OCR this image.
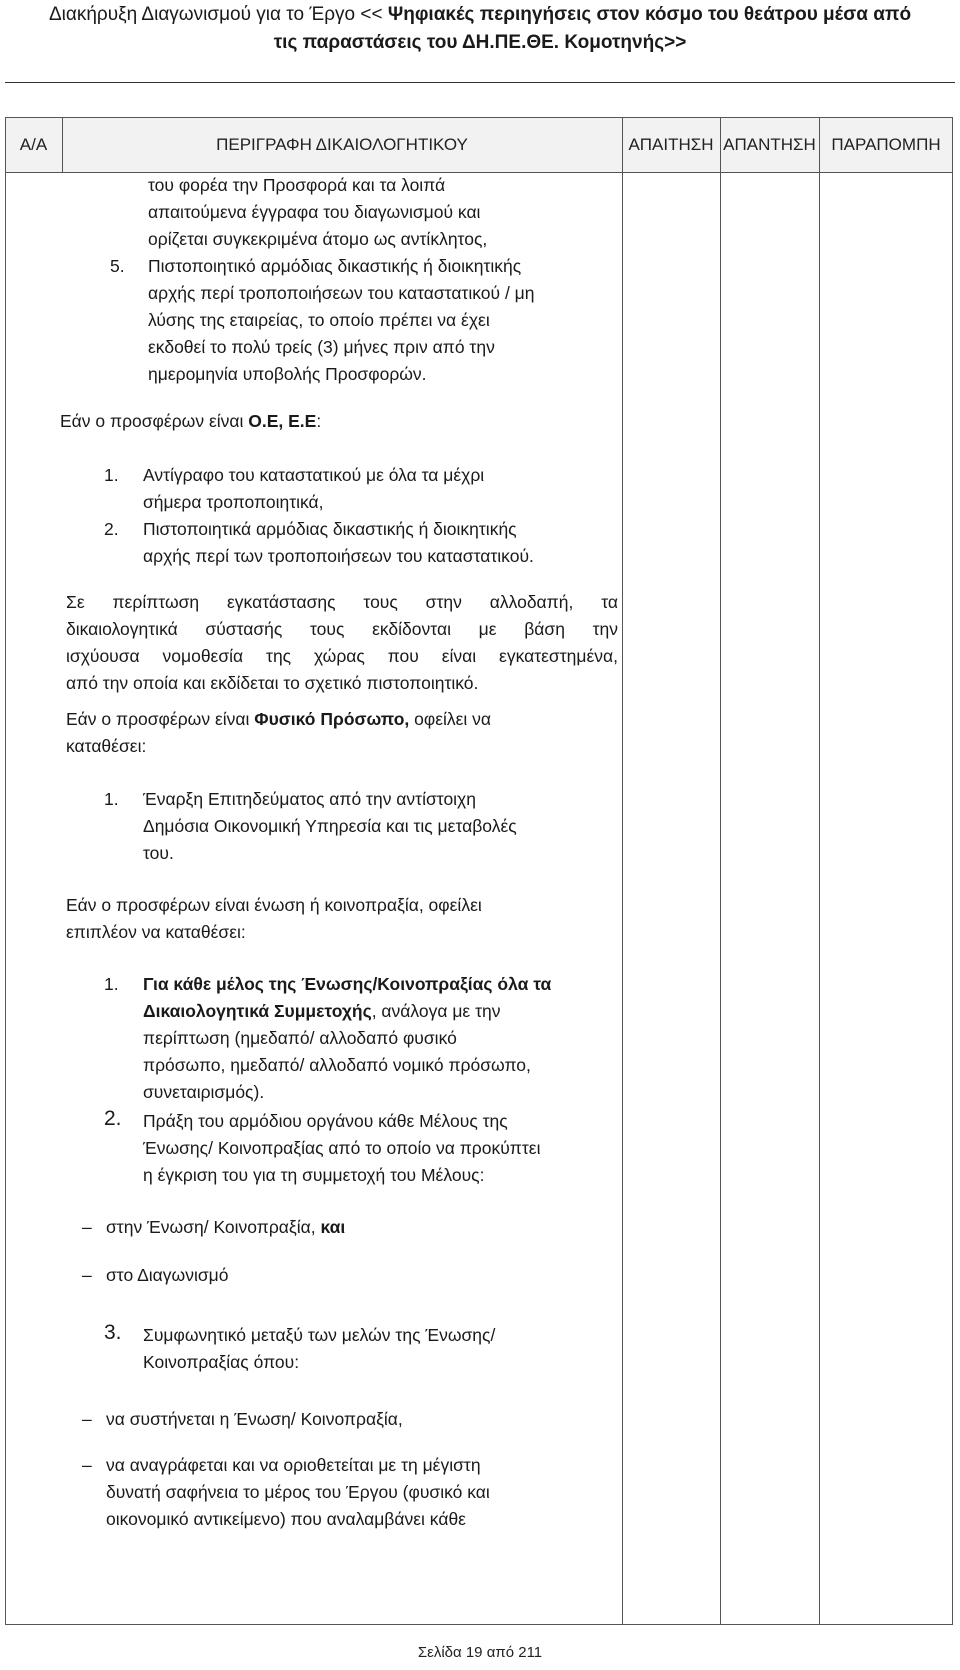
Διακήρυξη Διαγωνισμού για το Έργο << Ψηφιακές περιηγήσεις στον κόσμο του θεάτρου μέσα από
τις παραστάσεις του ΔΗ.ΠΕ.ΘΕ. Κομοτηνής>>
Α/Α	ΠΕΡΙΓΡΑΦΗ ΔΙΚΑΙΟΛΟΓΗΤΙΚΟΥ	ΑΠΑΙΤΗΣΗ ΑΠΑΝΤΗΣΗ ΠΑΡΑΠΟΜΠΗ
του φορέα την Προσφορά και τα λοιπά
απαιτούμενα έγγραφα του διαγωνισμού και
ορίζεται συγκεκριμένα άτομο ως αντίκλητος,
5. Πιστοποιητικό αρμόδιας δικαστικής ή διοικητικής
αρχής περί τροποποιήσεων του καταστατικού / μη
λύσης της εταιρείας, το οποίο πρέπει να έχει
εκδοθεί το πολύ τρείς (3) μήνες πριν από την
ημερομηνία υποβολής Προσφορών.
Εάν ο προσφέρων είναι Ο.Ε, Ε.Ε:
1. Αντίγραφο του καταστατικού με όλα τα μέχρι
σήμερα τροποποιητικά,
2. Πιστοποιητικά αρμόδιας δικαστικής ή διοικητικής
αρχής περί των τροποποιήσεων του καταστατικού.
Σε περίπτωση εγκατάστασης τους στην αλλοδαπή, τα
δικαιολογητικά σύστασής τους εκδίδονται με βάση την
ισχύουσα νομοθεσία της χώρας που είναι εγκατεστημένα,
από την οποία και εκδίδεται το σχετικό πιστοποιητικό.
Εάν ο προσφέρων είναι Φυσικό Πρόσωπο, οφείλει να
καταθέσει:
1. Έναρξη Επιτηδεύματος από την αντίστοιχη
Δημόσια Οικονομική Υπηρεσία και τις μεταβολές
του.
Εάν ο προσφέρων είναι ένωση ή κοινοπραξία, οφείλει
επιπλέον να καταθέσει:
1. Για κάθε μέλος της Ένωσης/Κοινοπραξίας όλα τα
Δικαιολογητικά Συμμετοχής, ανάλογα με την
περίπτωση (ημεδαπό/ αλλοδαπό φυσικό
πρόσωπο, ημεδαπό/ αλλοδαπό νομικό πρόσωπο,
συνεταιρισμός).
2. Πράξη του αρμόδιου οργάνου κάθε Μέλους της
Ένωσης/ Κοινοπραξίας από το οποίο να προκύπτει
η έγκριση του για τη συμμετοχή του Μέλους:
– στην Ένωση/ Κοινοπραξία, και
– στο Διαγωνισμό
3. Συμφωνητικό μεταξύ των μελών της Ένωσης/
Κοινοπραξίας όπου:
– να συστήνεται η Ένωση/ Κοινοπραξία,
– να αναγράφεται και να οριοθετείται με τη μέγιστη
δυνατή σαφήνεια το μέρος του Έργου (φυσικό και
οικονομικό αντικείμενο) που αναλαμβάνει κάθε
Σελίδα 19 από 211
